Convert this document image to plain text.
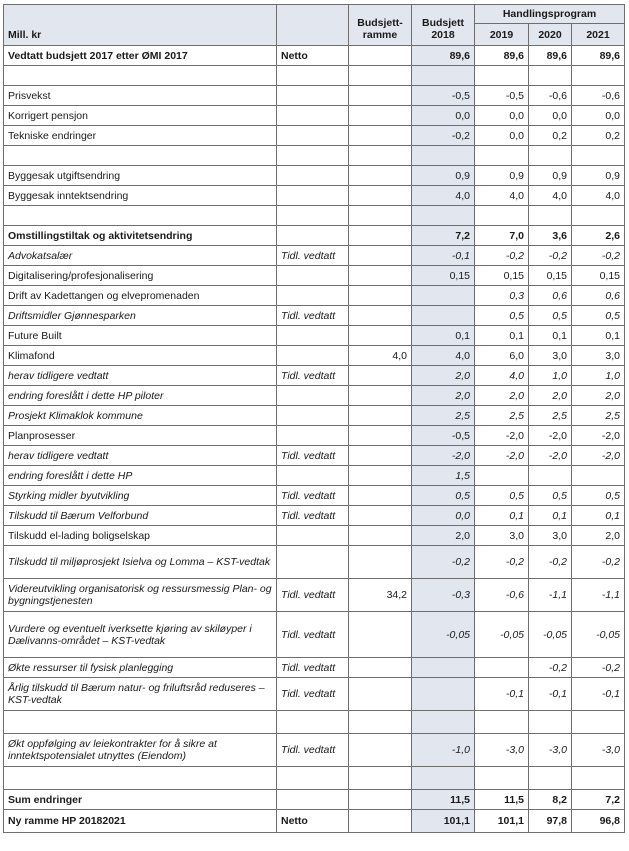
Mill. kr		Budsjett-ramme	Budsjett 2018	Handlingsprogram		
				2019	2020	2021
Vedtatt budsjett 2017 etter ØMI 2017	Netto		89,6	89,6	89,6	89,6

Prisvekst			-0,5	-0,5	-0,6	-0,6
Korrigert pensjon			0,0	0,0	0,0	0,0
Tekniske endringer			-0,2	0,0	0,2	0,2

Byggesak utgiftsendring			0,9	0,9	0,9	0,9
Byggesak inntektsendring			4,0	4,0	4,0	4,0

Omstillingstiltak og aktivitetsendring			7,2	7,0	3,6	2,6
Advokatsalær	Tidl. vedtatt		-0,1	-0,2	-0,2	-0,2
Digitalisering/profesjonalisering			0,15	0,15	0,15	0,15
Drift av Kadettangen og elvepromenaden				0,3	0,6	0,6
Driftsmidler Gjønnesparken	Tidl. vedtatt			0,5	0,5	0,5
Future Built			0,1	0,1	0,1	0,1
Klimafond		4,0	4,0	6,0	3,0	3,0
herav tidligere vedtatt	Tidl. vedtatt		2,0	4,0	1,0	1,0
endring foreslått i dette HP piloter			2,0	2,0	2,0	2,0
Prosjekt Klimaklok kommune			2,5	2,5	2,5	2,5
Planprosesser			-0,5	-2,0	-2,0	-2,0
herav tidligere vedtatt	Tidl. vedtatt		-2,0	-2,0	-2,0	-2,0
endring foreslått i dette HP			1,5			
Styrking midler byutvikling	Tidl. vedtatt		0,5	0,5	0,5	0,5
Tilskudd til Bærum Velforbund	Tidl. vedtatt		0,0	0,1	0,1	0,1
Tilskudd el-lading boligselskap			2,0	3,0	3,0	2,0
Tilskudd til miljøprosjekt Isielva og Lomma – KST-vedtak			-0,2	-0,2	-0,2	-0,2
Videreutvikling organisatorisk og ressursmessig Plan- og bygningstjenesten	Tidl. vedtatt	34,2	-0,3	-0,6	-1,1	-1,1
Vurdere og eventuelt iverksette kjøring av skiløyper i Dælivanns-området – KST-vedtak	Tidl. vedtatt		-0,05	-0,05	-0,05	-0,05
Økte ressurser til fysisk planlegging	Tidl. vedtatt				-0,2	-0,2
Årlig tilskudd til Bærum natur- og friluftsråd reduseres – KST-vedtak	Tidl. vedtatt			-0,1	-0,1	-0,1

Økt oppfølging av leiekontrakter for å sikre at inntektspotensialet utnyttes (Eiendom)	Tidl. vedtatt		-1,0	-3,0	-3,0	-3,0

Sum endringer			11,5	11,5	8,2	7,2
Ny ramme HP 20182021	Netto		101,1	101,1	97,8	96,8
